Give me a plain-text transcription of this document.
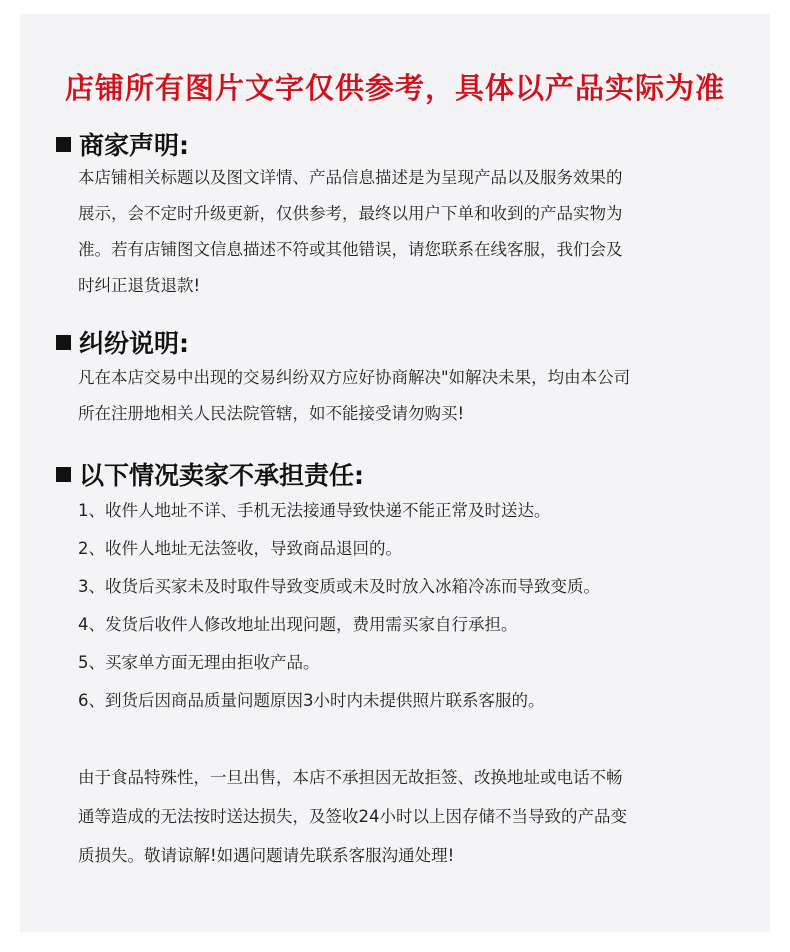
店铺所有图片文字仅供参考，具体以产品实际为准
商家声明:
本店铺相关标题以及图文详情、产品信息描述是为呈现产品以及服务效果的
展示，会不定时升级更新，仅供参考，最终以用户下单和收到的产品实物为
准。若有店铺图文信息描述不符或其他错误，请您联系在线客服，我们会及
时纠正退货退款!
纠纷说明:
凡在本店交易中出现的交易纠纷双方应好协商解决"如解决未果，均由本公司
所在注册地相关人民法院管辖，如不能接受请勿购买!
以下情况卖家不承担责任:
1、收件人地址不详、手机无法接通导致快递不能正常及时送达。
2、收件人地址无法签收，导致商品退回的。
3、收货后买家未及时取件导致变质或未及时放入冰箱冷冻而导致变质。
4、发货后收件人修改地址出现问题，费用需买家自行承担。
5、买家单方面无理由拒收产品。
6、到货后因商品质量问题原因3小时内未提供照片联系客服的。
由于食品特殊性，一旦出售，本店不承担因无故拒签、改换地址或电话不畅
通等造成的无法按时送达损失，及签收24小时以上因存储不当导致的产品变
质损失。敬请谅解!如遇问题请先联系客服沟通处理!
